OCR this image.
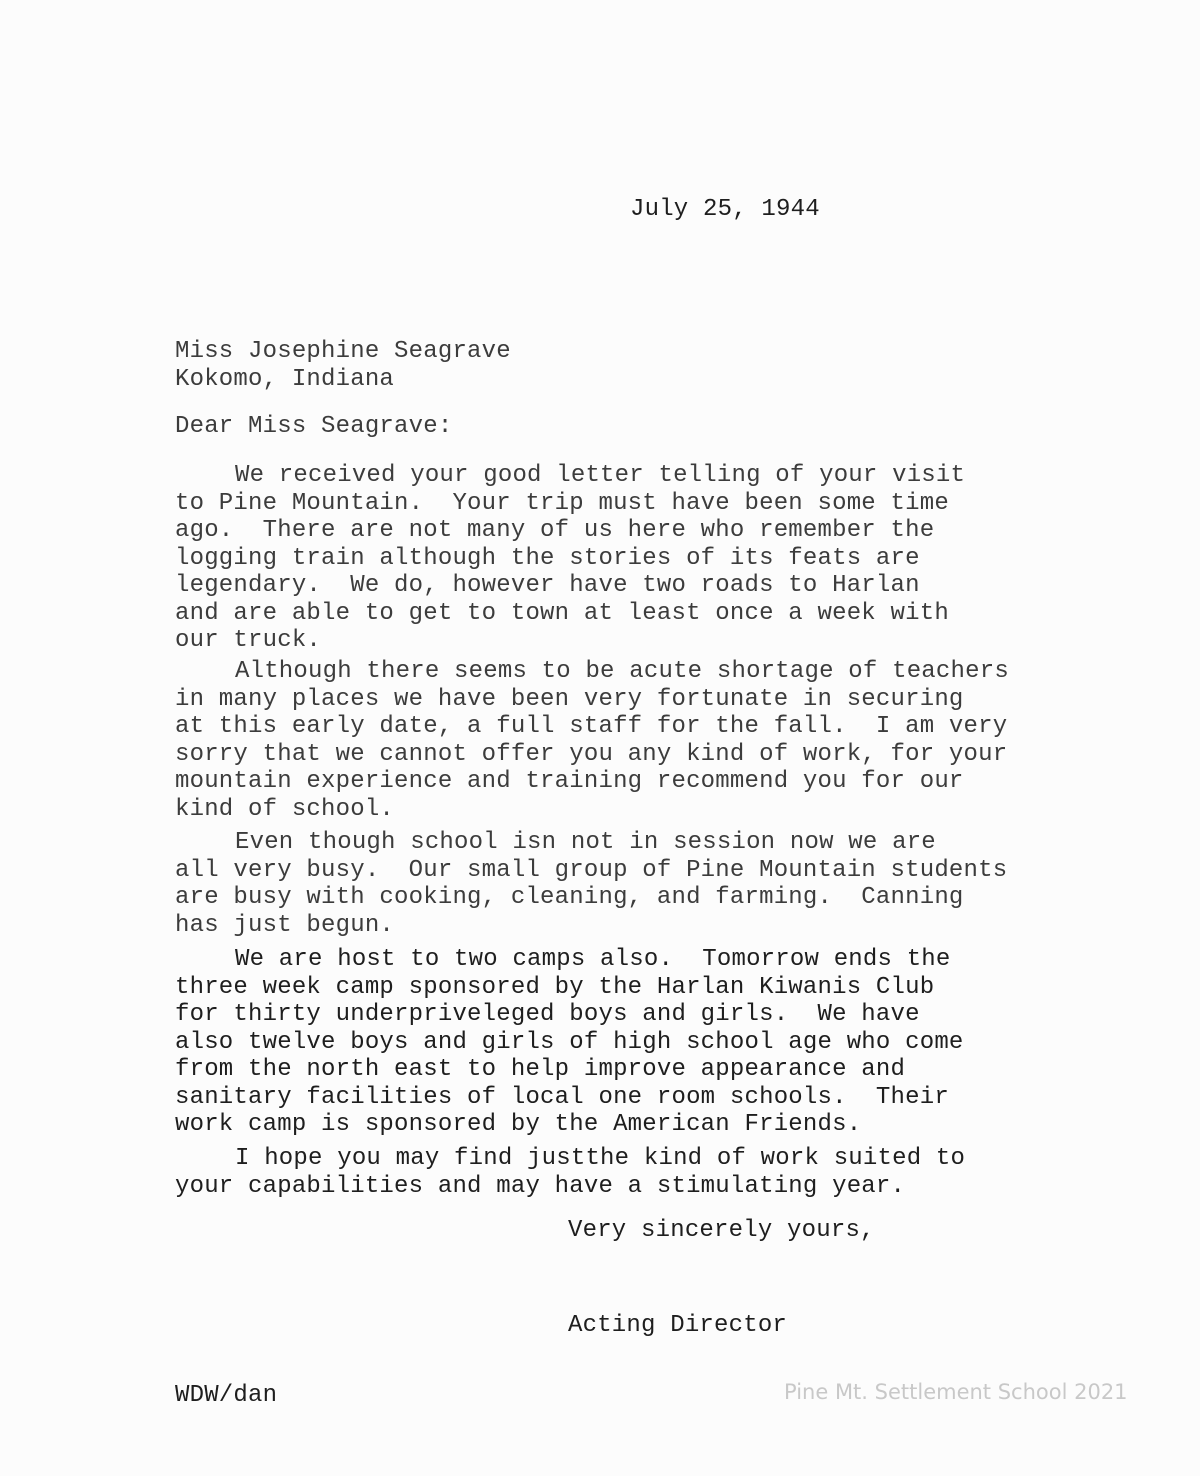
July 25, 1944
Miss Josephine Seagrave
Kokomo, Indiana
Dear Miss Seagrave:
We received your good letter telling of your visit
to Pine Mountain.  Your trip must have been some time
ago.  There are not many of us here who remember the
logging train although the stories of its feats are
legendary.  We do, however have two roads to Harlan
and are able to get to town at least once a week with
our truck.
Although there seems to be acute shortage of teachers
in many places we have been very fortunate in securing
at this early date, a full staff for the fall.  I am very
sorry that we cannot offer you any kind of work, for your
mountain experience and training recommend you for our
kind of school.
Even though school isn not in session now we are
all very busy.  Our small group of Pine Mountain students
are busy with cooking, cleaning, and farming.  Canning
has just begun.
We are host to two camps also.  Tomorrow ends the
three week camp sponsored by the Harlan Kiwanis Club
for thirty underpriveleged boys and girls.  We have
also twelve boys and girls of high school age who come
from the north east to help improve appearance and
sanitary facilities of local one room schools.  Their
work camp is sponsored by the American Friends.
I hope you may find justthe kind of work suited to
your capabilities and may have a stimulating year.
Very sincerely yours,
Acting Director
WDW/dan	Pine Mt. Settlement School 2021
